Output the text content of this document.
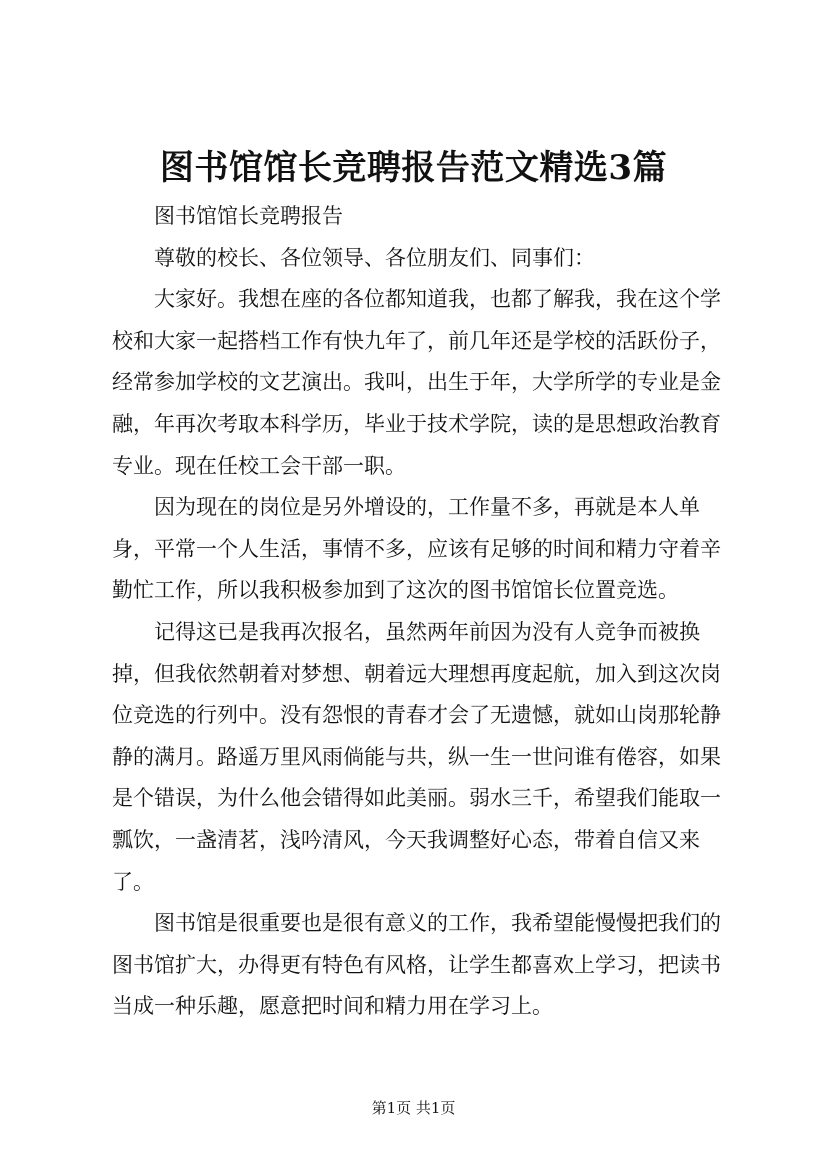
图书馆馆长竞聘报告范文精选3篇

图书馆馆长竞聘报告

尊敬的校长、各位领导、各位朋友们、同事们：

大家好。我想在座的各位都知道我，也都了解我，我在这个学校和大家一起搭档工作有快九年了，前几年还是学校的活跃份子，经常参加学校的文艺演出。我叫，出生于年，大学所学的专业是金融，年再次考取本科学历，毕业于技术学院，读的是思想政治教育专业。现在任校工会干部一职。

因为现在的岗位是另外增设的，工作量不多，再就是本人单身，平常一个人生活，事情不多，应该有足够的时间和精力守着辛勤忙工作，所以我积极参加到了这次的图书馆馆长位置竞选。

记得这已是我再次报名，虽然两年前因为没有人竞争而被换掉，但我依然朝着对梦想、朝着远大理想再度起航，加入到这次岗位竞选的行列中。没有怨恨的青春才会了无遗憾，就如山岗那轮静静的满月。路遥万里风雨倘能与共，纵一生一世问谁有倦容，如果是个错误，为什么他会错得如此美丽。弱水三千，希望我们能取一瓢饮，一盏清茗，浅吟清风，今天我调整好心态，带着自信又来了。

图书馆是很重要也是很有意义的工作，我希望能慢慢把我们的图书馆扩大，办得更有特色有风格，让学生都喜欢上学习，把读书当成一种乐趣，愿意把时间和精力用在学习上。

第1页 共1页
